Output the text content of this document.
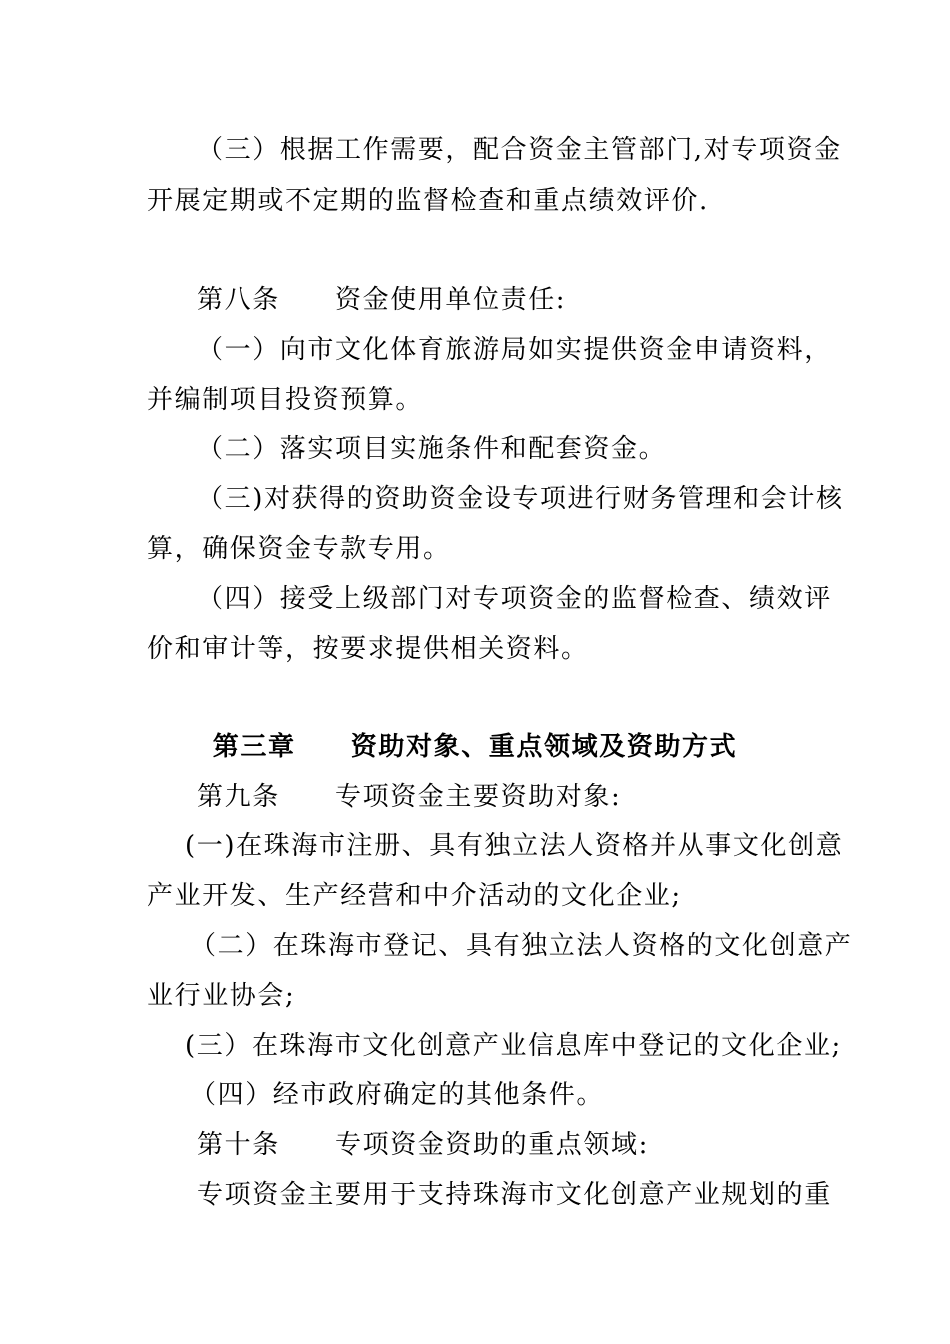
（三）根据工作需要，配合资金主管部门,对专项资金
开展定期或不定期的监督检查和重点绩效评价.
第八条　　资金使用单位责任:
（一）向市文化体育旅游局如实提供资金申请资料，
并编制项目投资预算。
（二）落实项目实施条件和配套资金。
（三)对获得的资助资金设专项进行财务管理和会计核
算，确保资金专款专用。
（四）接受上级部门对专项资金的监督检查、绩效评
价和审计等，按要求提供相关资料。
第三章　　资助对象、重点领域及资助方式
第九条　　专项资金主要资助对象:
(一)在珠海市注册、具有独立法人资格并从事文化创意
产业开发、生产经营和中介活动的文化企业;
（二）在珠海市登记、具有独立法人资格的文化创意产
业行业协会;
(三）在珠海市文化创意产业信息库中登记的文化企业;
（四）经市政府确定的其他条件。
第十条　　专项资金资助的重点领域:
专项资金主要用于支持珠海市文化创意产业规划的重
